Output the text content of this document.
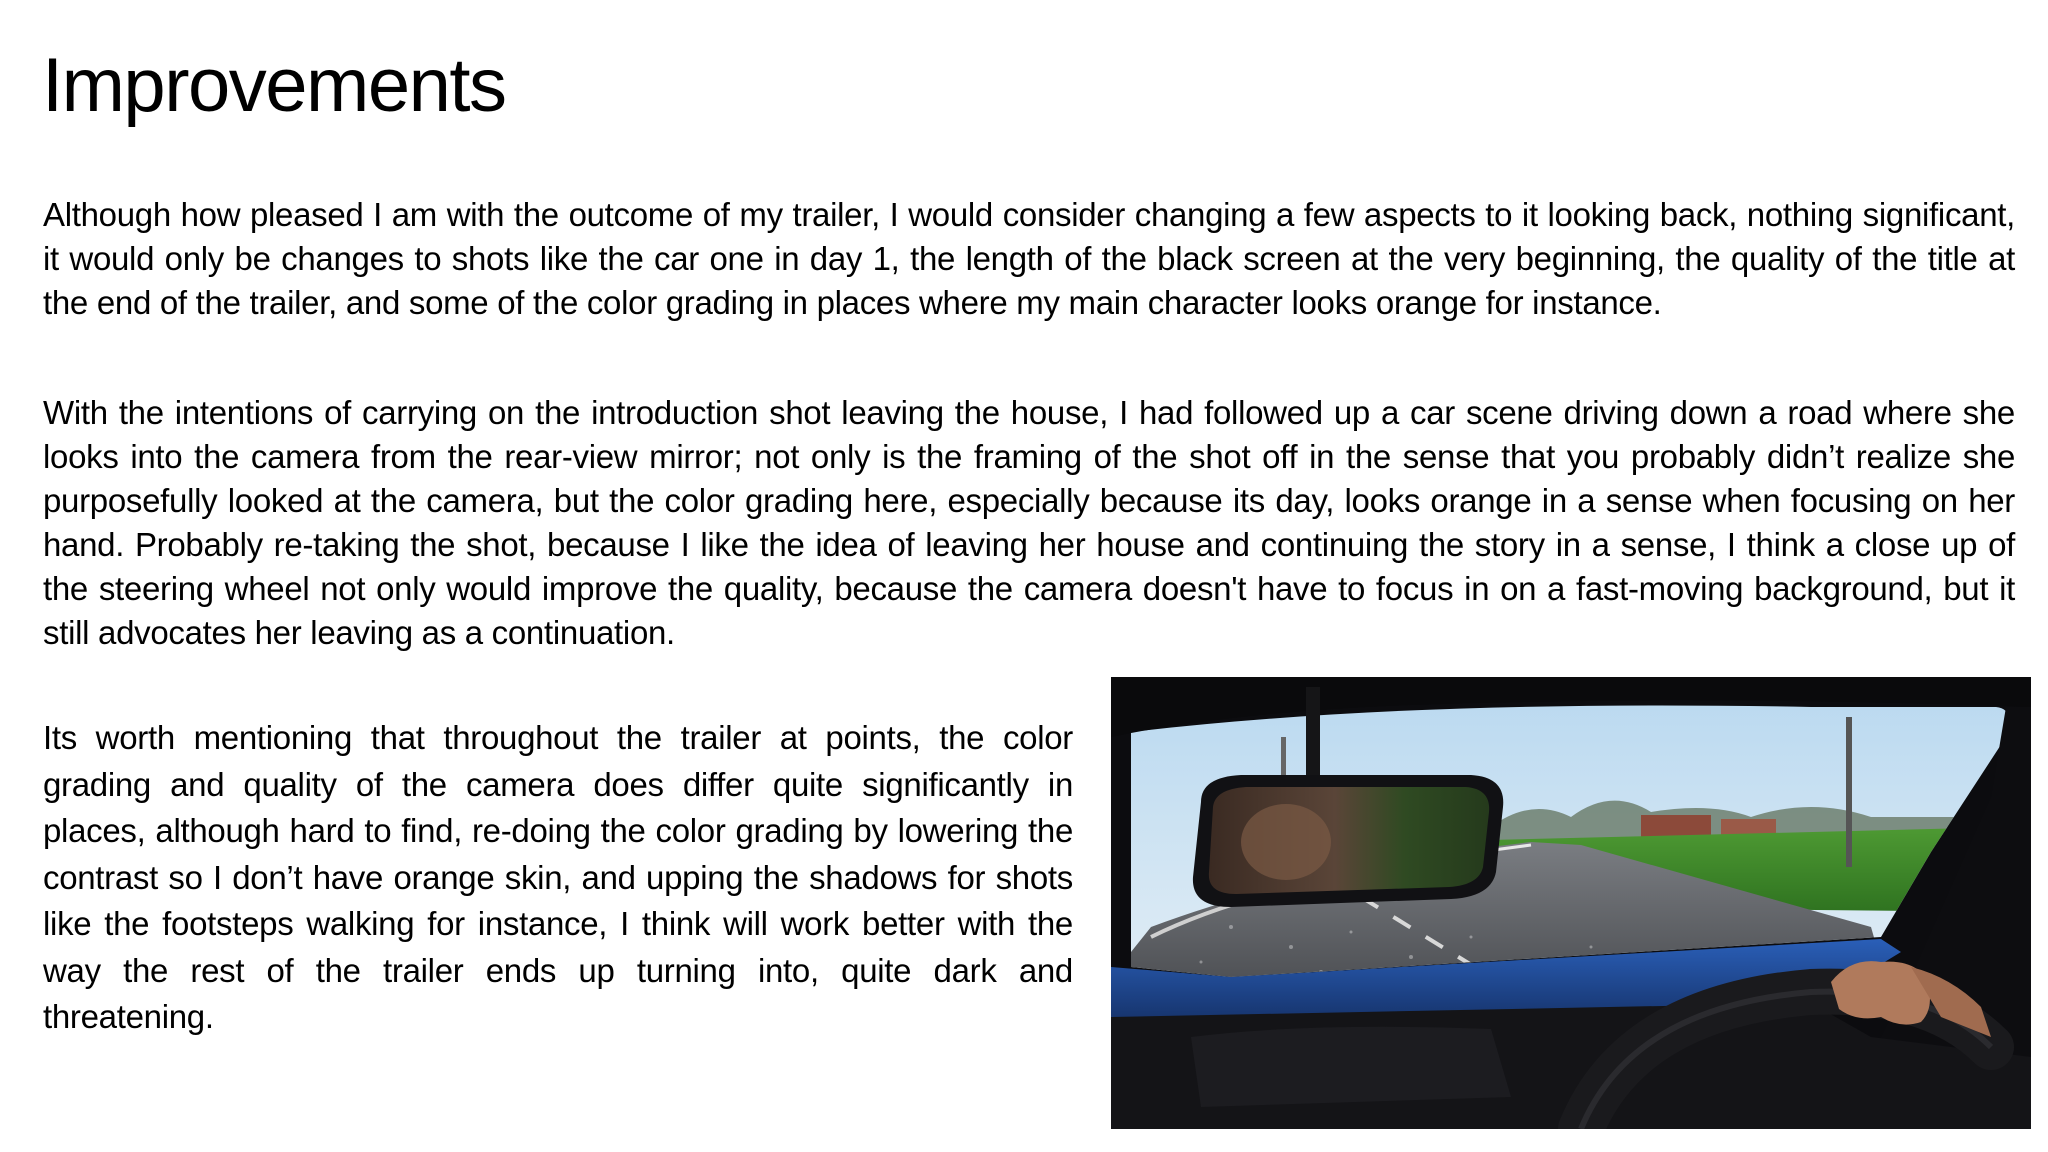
Improvements

Although how pleased I am with the outcome of my trailer, I would consider changing a few aspects to it looking back, nothing significant, it would only be changes to shots like the car one in day 1, the length of the black screen at the very beginning, the quality of the title at the end of the trailer, and some of the color grading in places where my main character looks orange for instance.

With the intentions of carrying on the introduction shot leaving the house, I had followed up a car scene driving down a road where she looks into the camera from the rear-view mirror; not only is the framing of the shot off in the sense that you probably didn’t realize she purposefully looked at the camera, but the color grading here, especially because its day, looks orange in a sense when focusing on her hand. Probably re-taking the shot, because I like the idea of leaving her house and continuing the story in a sense, I think a close up of the steering wheel not only would improve the quality, because the camera doesn't have to focus in on a fast-moving background, but it still advocates her leaving as a continuation.

Its worth mentioning that throughout the trailer at points, the color grading and quality of the camera does differ quite significantly in places, although hard to find, re-doing the color grading by lowering the contrast so I don’t have orange skin, and upping the shadows for shots like the footsteps walking for instance, I think will work better with the way the rest of the trailer ends up turning into, quite dark and threatening.
